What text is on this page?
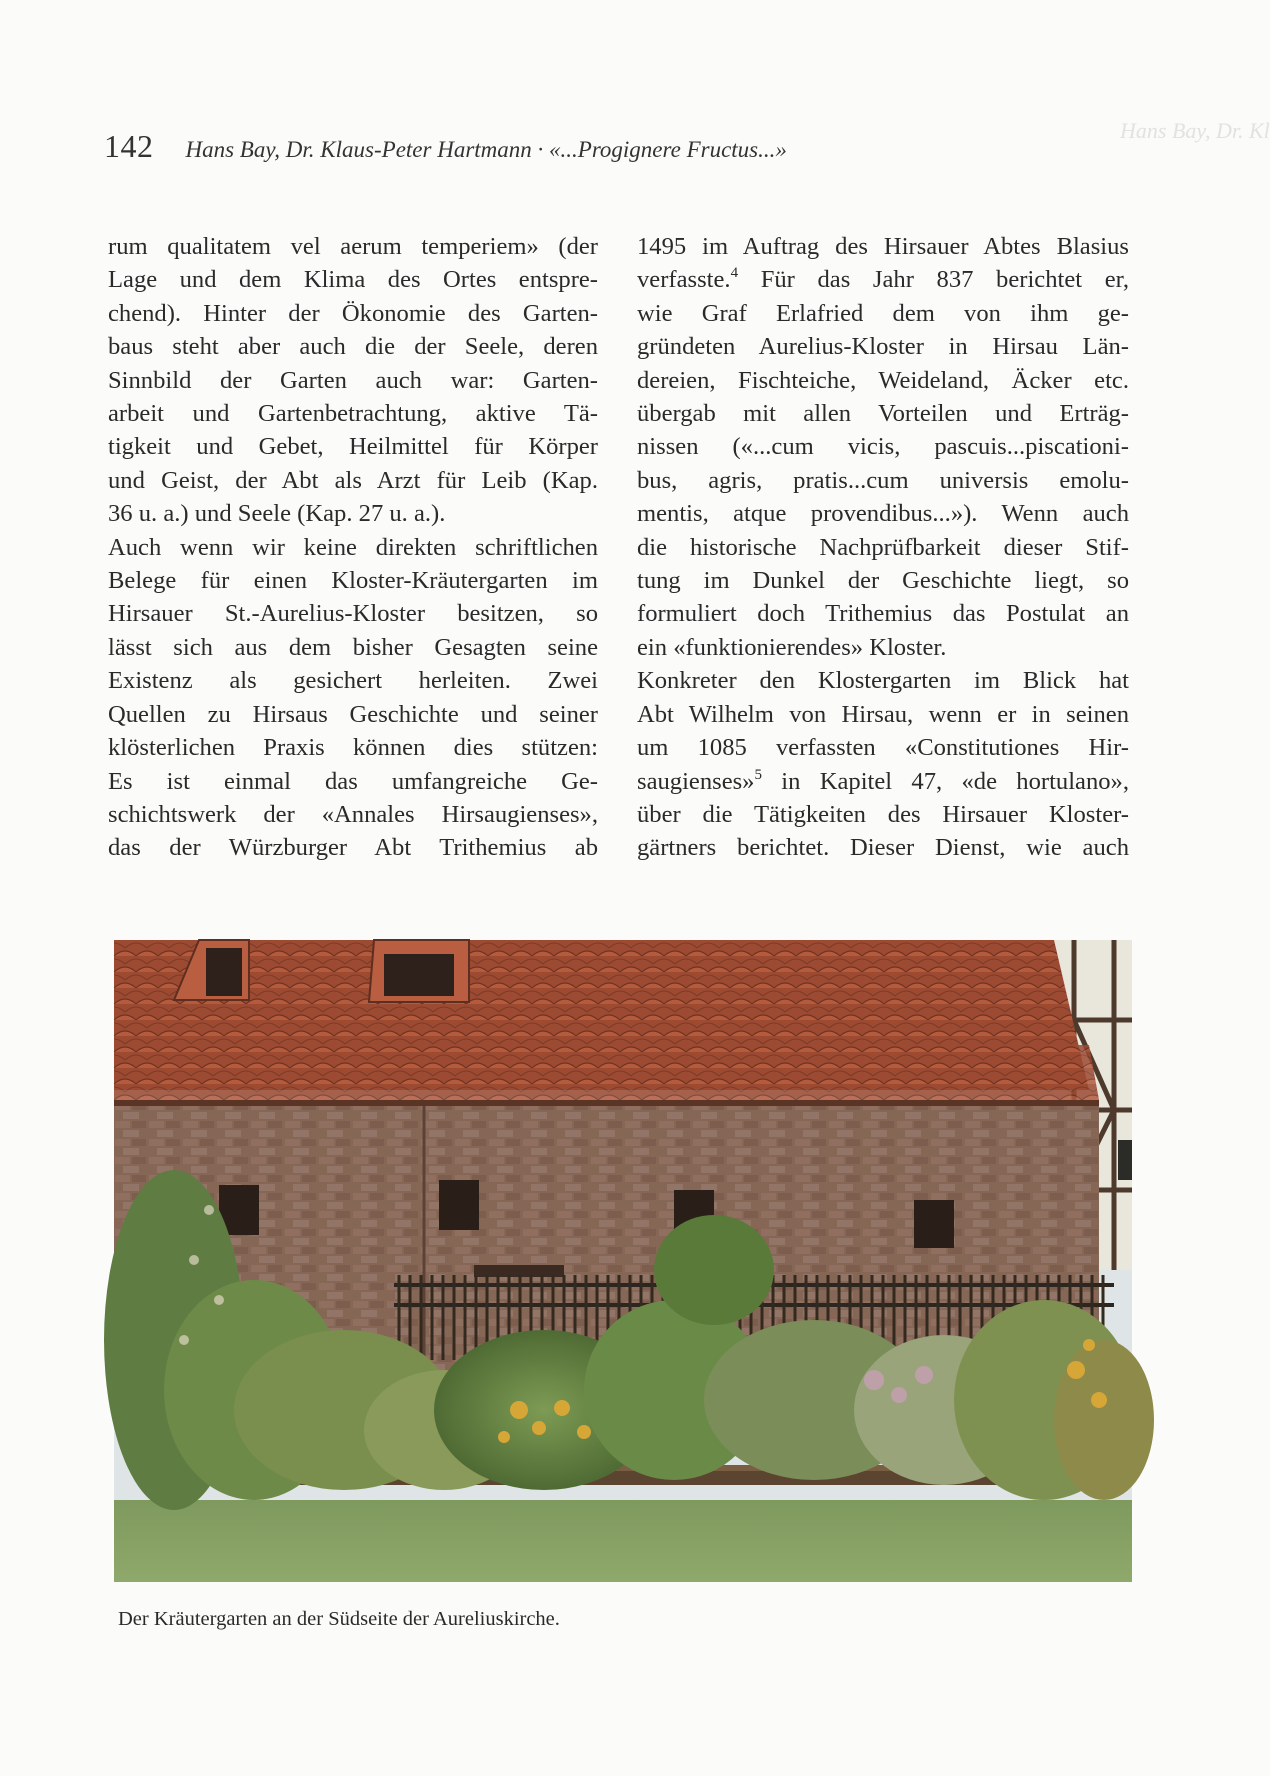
Hans Bay, Dr. Kl
142 Hans Bay, Dr. Klaus-Peter Hartmann · «...Progignere Fructus...»
rum qualitatem vel aerum temperiem» (der
Lage und dem Klima des Ortes entspre-
chend). Hinter der Ökonomie des Garten-
baus steht aber auch die der Seele, deren
Sinnbild der Garten auch war: Garten-
arbeit und Gartenbetrachtung, aktive Tä-
tigkeit und Gebet, Heilmittel für Körper
und Geist, der Abt als Arzt für Leib (Kap.
36 u. a.) und Seele (Kap. 27 u. a.).
Auch wenn wir keine direkten schriftlichen
Belege für einen Kloster-Kräutergarten im
Hirsauer St.-Aurelius-Kloster besitzen, so
lässt sich aus dem bisher Gesagten seine
Existenz als gesichert herleiten. Zwei
Quellen zu Hirsaus Geschichte und seiner
klösterlichen Praxis können dies stützen:
Es ist einmal das umfangreiche Ge-
schichtswerk der «Annales Hirsaugienses»,
das der Würzburger Abt Trithemius ab
1495 im Auftrag des Hirsauer Abtes Blasius
verfasste.$^4$ Für das Jahr 837 berichtet er,
wie Graf Erlafried dem von ihm ge-
gründeten Aurelius-Kloster in Hirsau Län-
dereien, Fischteiche, Weideland, Äcker etc.
übergab mit allen Vorteilen und Erträg-
nissen («...cum vicis, pascuis...piscationi-
bus, agris, pratis...cum universis emolu-
mentis, atque provendibus...»). Wenn auch
die historische Nachprüfbarkeit dieser Stif-
tung im Dunkel der Geschichte liegt, so
formuliert doch Trithemius das Postulat an
ein «funktionierendes» Kloster.
Konkreter den Klostergarten im Blick hat
Abt Wilhelm von Hirsau, wenn er in seinen
um 1085 verfassten «Constitutiones Hir-
saugienses»$^5$ in Kapitel 47, «de hortulano»,
über die Tätigkeiten des Hirsauer Kloster-
gärtners berichtet. Dieser Dienst, wie auch
Der Kräutergarten an der Südseite der Aureliuskirche.
